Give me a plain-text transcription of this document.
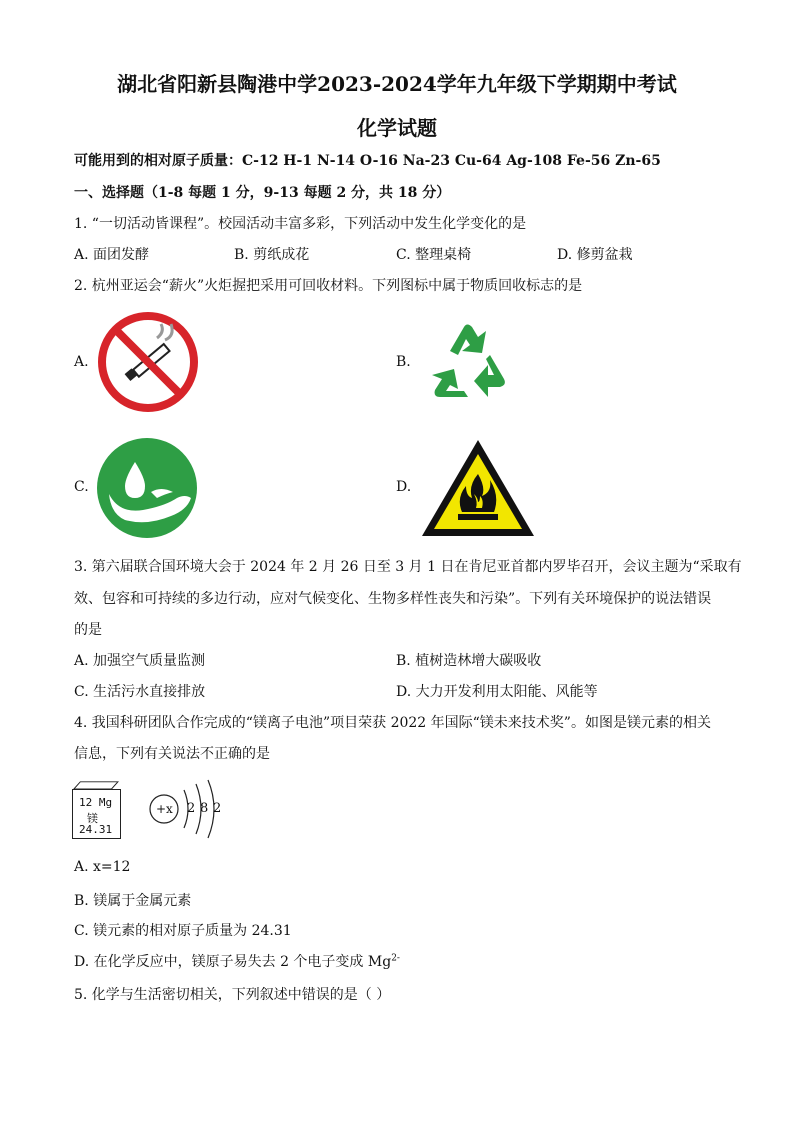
湖北省阳新县陶港中学2023-2024学年九年级下学期期中考试
化学试题
可能用到的相对原子质量：C-12 H-1 N-14 O-16 Na-23 Cu-64 Ag-108 Fe-56 Zn-65
一、选择题（1-8 每题 1 分，9-13 每题 2 分，共 18 分）
1. “一切活动皆课程”。校园活动丰富多彩，下列活动中发生化学变化的是
A. 面团发酵	B. 剪纸成花	C. 整理桌椅	D. 修剪盆栽
2. 杭州亚运会“薪火”火炬握把采用可回收材料。下列图标中属于物质回收标志的是
A.	B.
C.	D.
3. 第六届联合国环境大会于 2024 年 2 月 26 日至 3 月 1 日在肯尼亚首都内罗毕召开，会议主题为“采取有
效、包容和可持续的多边行动，应对气候变化、生物多样性丧失和污染”。下列有关环境保护的说法错误
的是
A. 加强空气质量监测	B. 植树造林增大碳吸收
C. 生活污水直接排放	D. 大力开发利用太阳能、风能等
4. 我国科研团队合作完成的“镁离子电池”项目荣获 2022 年国际“镁未来技术奖”。如图是镁元素的相关
信息，下列有关说法不正确的是
12 Mg
镁
24.31
+x 2 8 2
A. x=12
B. 镁属于金属元素
C. 镁元素的相对原子质量为 24.31
D. 在化学反应中，镁原子易失去 2 个电子变成 $Mg^{2-}$
5. 化学与生活密切相关，下列叙述中错误的是（ ）
